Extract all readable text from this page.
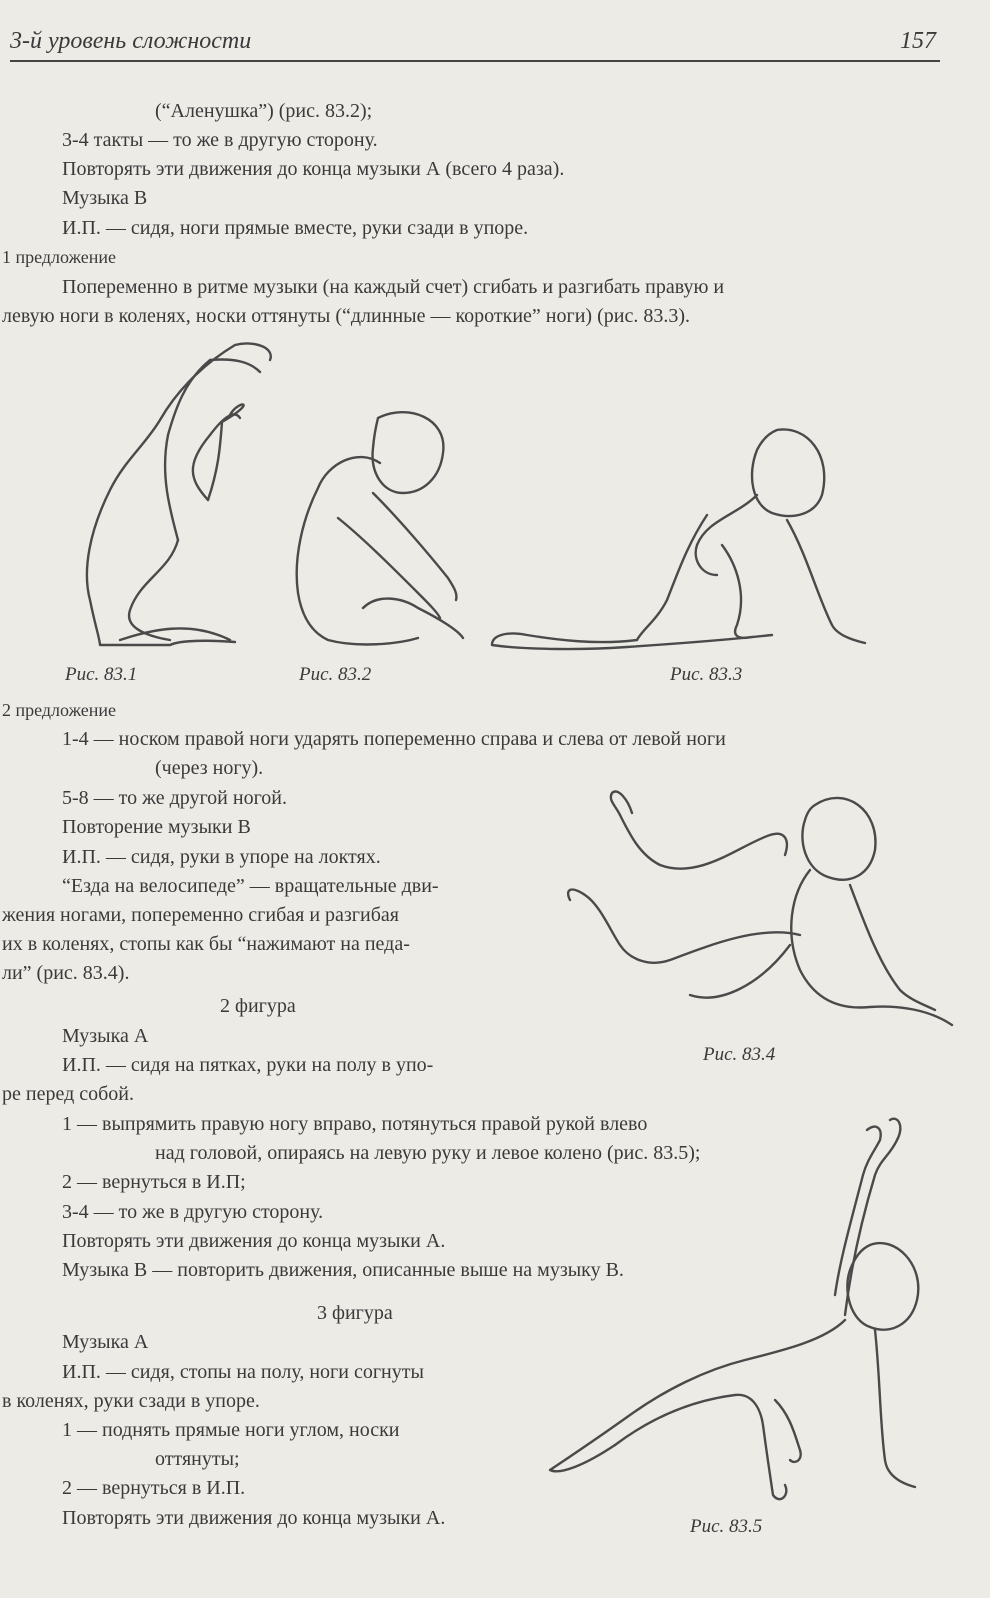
3-й уровень сложности	157
(“Аленушка”) (рис. 83.2);
3-4 такты — то же в другую сторону.
Повторять эти движения до конца музыки А (всего 4 раза).
Музыка В
И.П. — сидя, ноги прямые вместе, руки сзади в упоре.
1 предложение
Попеременно в ритме музыки (на каждый счет) сгибать и разгибать правую и
левую ноги в коленях, носки оттянуты (“длинные — короткие” ноги) (рис. 83.3).
Рис. 83.1	Рис. 83.2	Рис. 83.3
2 предложение
1-4 — носком правой ноги ударять попеременно справа и слева от левой ноги
(через ногу).
5-8 — то же другой ногой.
Повторение музыки В
И.П. — сидя, руки в упоре на локтях.
“Езда на велосипеде” — вращательные дви-
жения ногами, попеременно сгибая и разгибая
их в коленях, стопы как бы “нажимают на педа-
ли” (рис. 83.4).
Рис. 83.4
2 фигура
Музыка А
И.П. — сидя на пятках, руки на полу в упо-
ре перед собой.
1 — выпрямить правую ногу вправо, потянуться правой рукой влево
над головой, опираясь на левую руку и левое колено (рис. 83.5);
2 — вернуться в И.П;
3-4 — то же в другую сторону.
Повторять эти движения до конца музыки А.
Музыка В — повторить движения, описанные выше на музыку В.
3 фигура
Музыка А
И.П. — сидя, стопы на полу, ноги согнуты
в коленях, руки сзади в упоре.
1 — поднять прямые ноги углом, носки
оттянуты;
2 — вернуться в И.П.
Повторять эти движения до конца музыки А.	Рис. 83.5
